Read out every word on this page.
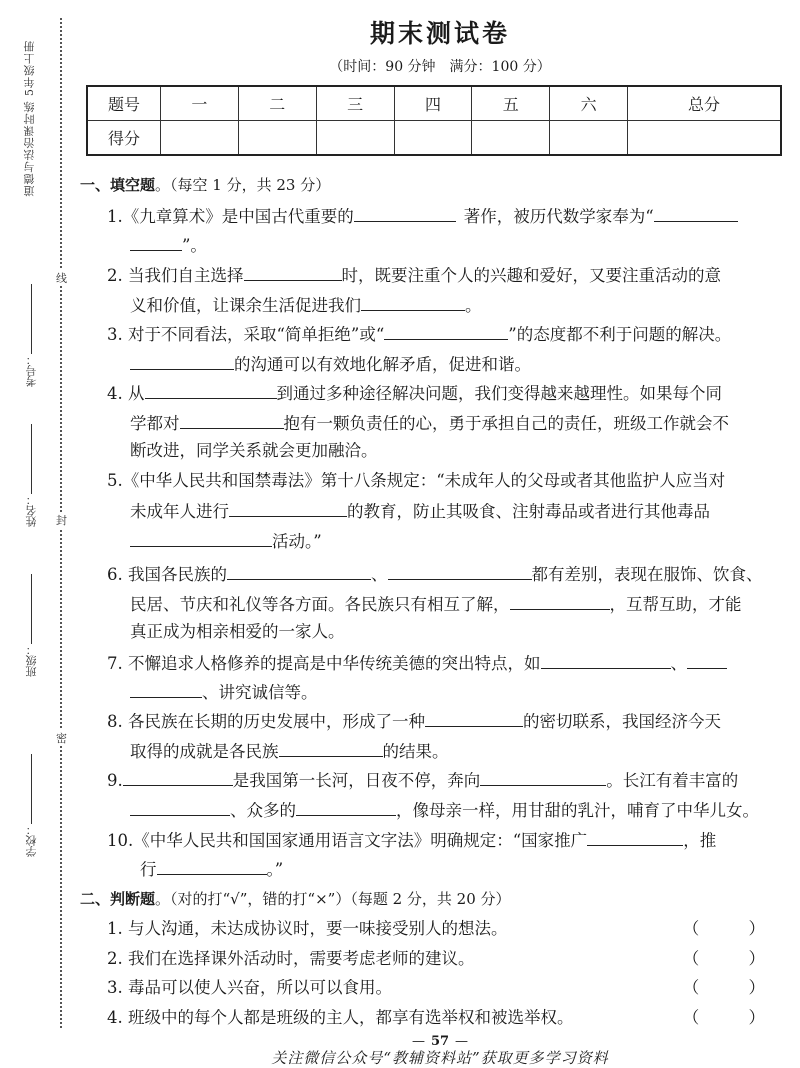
道德与法治课时练 5年级上册
学校：
班级：
姓名：
考号：
密
封
线
期末测试卷
（时间：90 分钟　满分：100 分）
题号	一	二	三	四	五	六	总分
得分							
一、填空题。（每空 1 分，共 23 分）
1.《九章算术》是中国古代重要的	著作，被历代数学家奉为“
”。
2. 当我们自主选择	时，既要注重个人的兴趣和爱好，又要注重活动的意
义和价值，让课余生活促进我们	。
3. 对于不同看法，采取“简单拒绝”或“	”的态度都不利于问题的解决。
的沟通可以有效地化解矛盾，促进和谐。
4. 从	到通过多种途径解决问题，我们变得越来越理性。如果每个同
学都对	抱有一颗负责任的心，勇于承担自己的责任，班级工作就会不
断改进，同学关系就会更加融洽。
5.《中华人民共和国禁毒法》第十八条规定：“未成年人的父母或者其他监护人应当对
未成年人进行	的教育，防止其吸食、注射毒品或者进行其他毒品
活动。”
6. 我国各民族的	、	都有差别，表现在服饰、饮食、
民居、节庆和礼仪等各方面。各民族只有相互了解，	，互帮互助，才能
真正成为相亲相爱的一家人。
7. 不懈追求人格修养的提高是中华传统美德的突出特点，如	、
、讲究诚信等。
8. 各民族在长期的历史发展中，形成了一种	的密切联系，我国经济今天
取得的成就是各民族	的结果。
9.	是我国第一长河，日夜不停，奔向	。长江有着丰富的
、众多的	，像母亲一样，用甘甜的乳汁，哺育了中华儿女。
10.《中华人民共和国国家通用语言文字法》明确规定：“国家推广	，推
行	。”
二、判断题。（对的打“√”，错的打“×”）（每题 2 分，共 20 分）
1. 与人沟通，未达成协议时，要一味接受别人的想法。	（ ）
2. 我们在选择课外活动时，需要考虑老师的建议。	（ ）
3. 毒品可以使人兴奋，所以可以食用。	（ ）
4. 班级中的每个人都是班级的主人，都享有选举权和被选举权。	（ ）
— 57 —
关注微信公众号“教辅资料站”获取更多学习资料
